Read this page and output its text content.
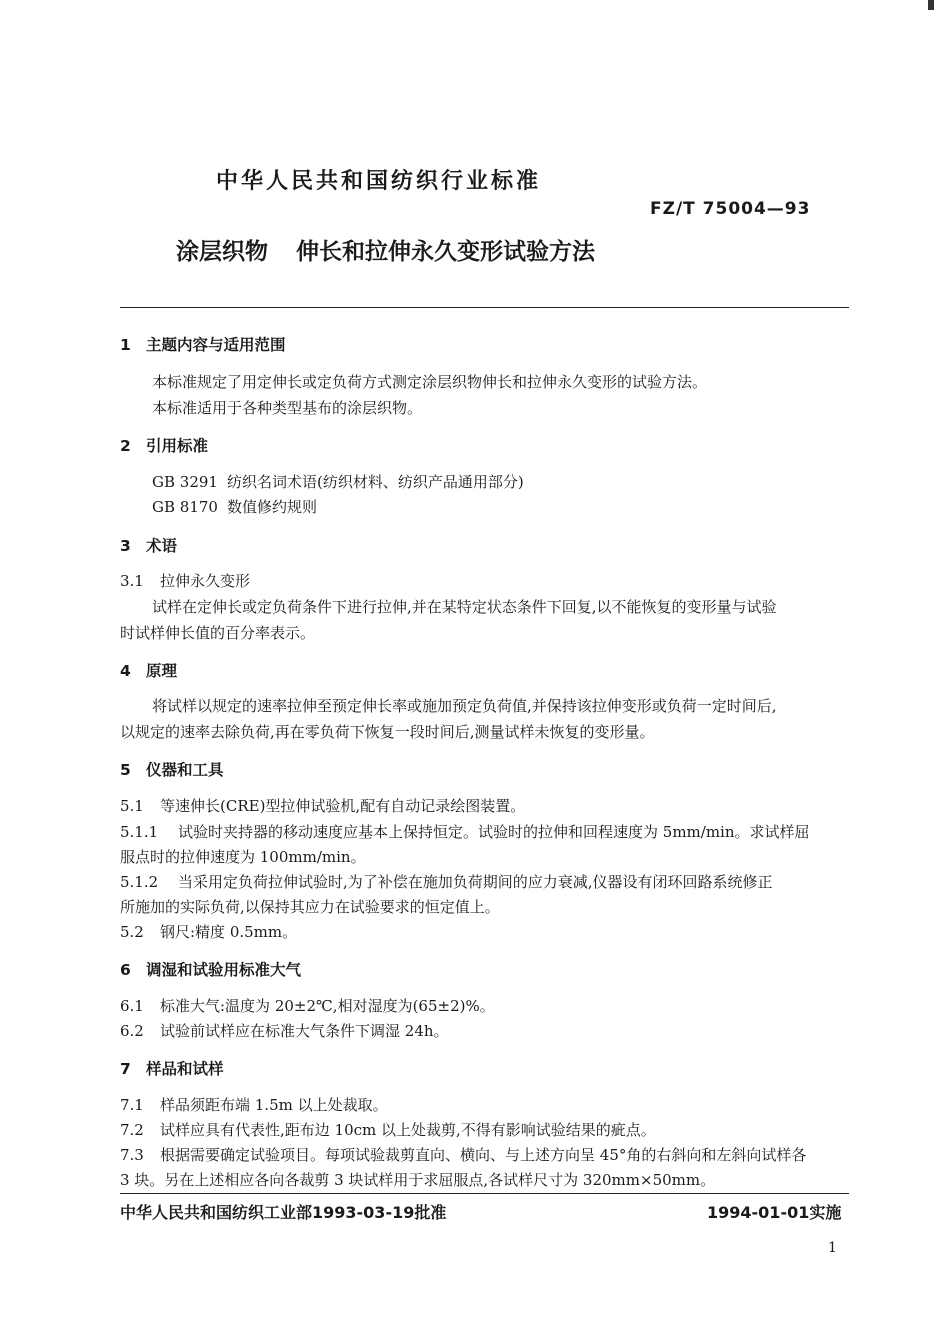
中华人民共和国纺织行业标准
FZ/T 75004—93
涂层织物 伸长和拉伸永久变形试验方法
1 主题内容与适用范围
本标准规定了用定伸长或定负荷方式测定涂层织物伸长和拉伸永久变形的试验方法。
本标准适用于各种类型基布的涂层织物。
2 引用标准
GB 3291 纺织名词术语(纺织材料、纺织产品通用部分)
GB 8170 数值修约规则
3 术语
3.1 拉伸永久变形
试样在定伸长或定负荷条件下进行拉伸,并在某特定状态条件下回复,以不能恢复的变形量与试验
时试样伸长值的百分率表示。
4 原理
将试样以规定的速率拉伸至预定伸长率或施加预定负荷值,并保持该拉伸变形或负荷一定时间后,
以规定的速率去除负荷,再在零负荷下恢复一段时间后,测量试样未恢复的变形量。
5 仪器和工具
5.1 等速伸长(CRE)型拉伸试验机,配有自动记录绘图装置。
5.1.1 试验时夹持器的移动速度应基本上保持恒定。试验时的拉伸和回程速度为 5mm/min。求试样屈
服点时的拉伸速度为 100mm/min。
5.1.2 当采用定负荷拉伸试验时,为了补偿在施加负荷期间的应力衰减,仪器设有闭环回路系统修正
所施加的实际负荷,以保持其应力在试验要求的恒定值上。
5.2 钢尺:精度 0.5mm。
6 调湿和试验用标准大气
6.1 标准大气:温度为 20±2℃,相对湿度为(65±2)%。
6.2 试验前试样应在标准大气条件下调湿 24h。
7 样品和试样
7.1 样品须距布端 1.5m 以上处裁取。
7.2 试样应具有代表性,距布边 10cm 以上处裁剪,不得有影响试验结果的疵点。
7.3 根据需要确定试验项目。每项试验裁剪直向、横向、与上述方向呈 45°角的右斜向和左斜向试样各
3 块。另在上述相应各向各裁剪 3 块试样用于求屈服点,各试样尺寸为 320mm×50mm。
中华人民共和国纺织工业部1993-03-19批准	1994-01-01实施
1
